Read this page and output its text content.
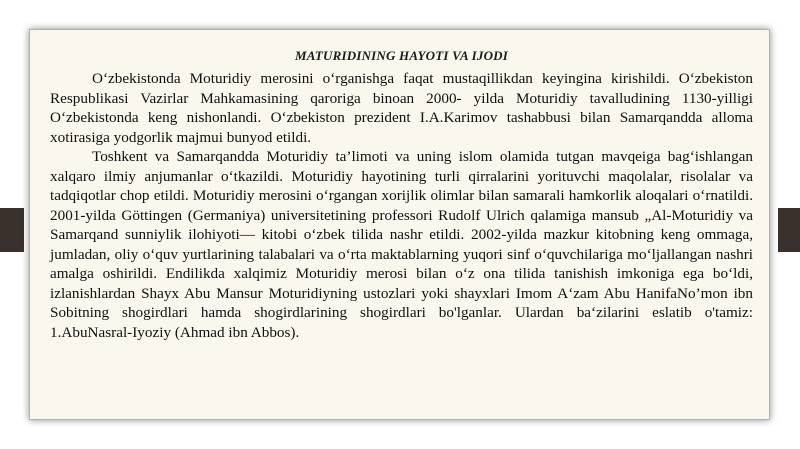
MATURIDINING HAYOTI VA IJODI

O‘zbekistonda Moturidiy merosini o‘rganishga faqat mustaqillikdan keyingina kirishildi. O‘zbekiston Respublikasi Vazirlar Mahkamasining qaroriga binoan 2000- yilda Moturidiy tavalludining 1130-yilligi O‘zbekistonda keng nishonlandi. O‘zbekiston prezident I.A.Karimov tashabbusi bilan Samarqandda alloma xotirasiga yodgorlik majmui bunyod etildi.

Toshkent va Samarqandda Moturidiy ta’limoti va uning islom olamida tutgan mavqeiga bag‘ishlangan xalqaro ilmiy anjumanlar o‘tkazildi. Moturidiy hayotining turli qirralarini yorituvchi maqolalar, risolalar va tadqiqotlar chop etildi. Moturidiy merosini o‘rgangan xorijlik olimlar bilan samarali hamkorlik aloqalari o‘rnatildi. 2001-yilda Göttingen (Germaniya) universitetining professori Rudolf Ulrich qalamiga mansub „Al-Moturidiy va Samarqand sunniylik ilohiyoti― kitobi o‘zbek tilida nashr etildi. 2002-yilda mazkur kitobning keng ommaga, jumladan, oliy o‘quv yurtlarining talabalari va o‘rta maktablarning yuqori sinf o‘quvchilariga mo‘ljallangan nashri amalga oshirildi. Endilikda xalqimiz Moturidiy merosi bilan o‘z ona tilida tanishish imkoniga ega bo‘ldi, izlanishlardan Shayx Abu Mansur Moturidiyning ustozlari yoki shayxlari Imom A‘zam Abu HanifaNo’mon ibn Sobitning shogirdlari hamda shogirdlarining shogirdlari bo'lganlar. Ulardan ba‘zilarini eslatib o'tamiz: 1.AbuNasral-Iyoziy (Ahmad ibn Abbos).
